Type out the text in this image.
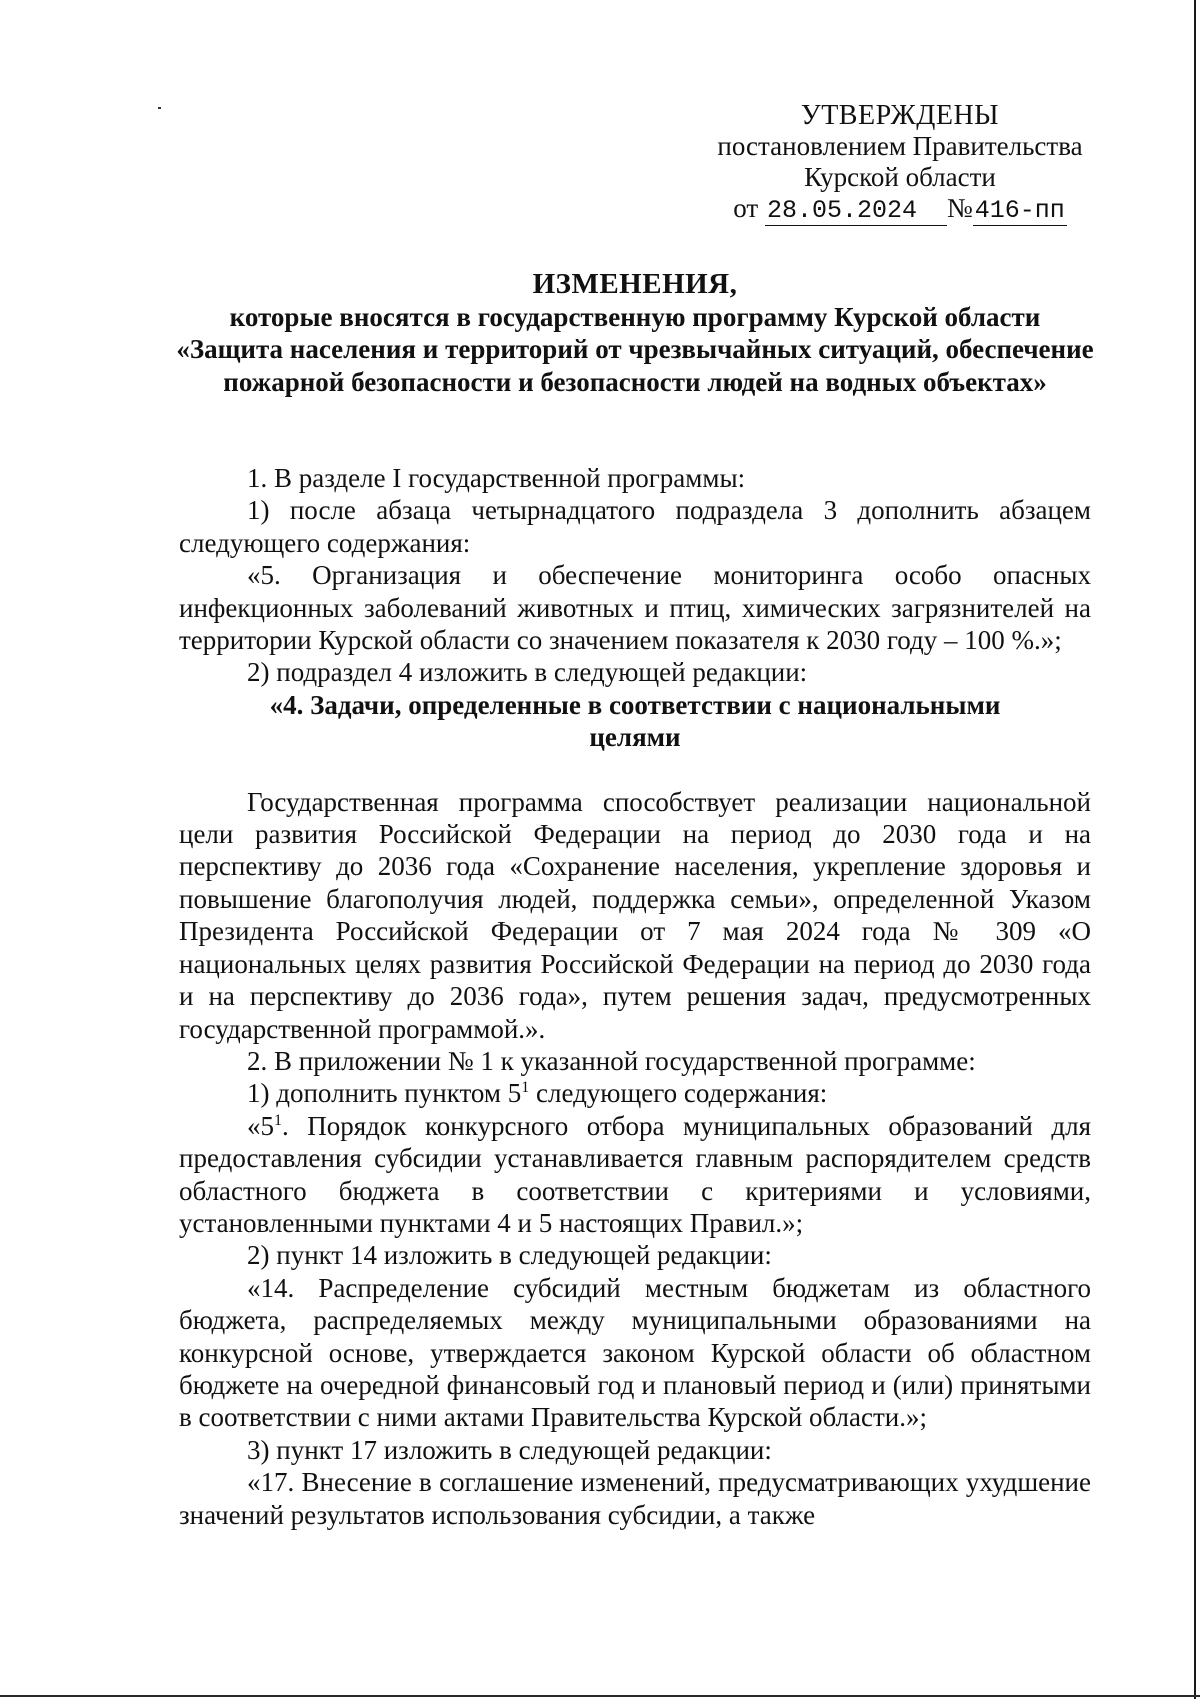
УТВЕРЖДЕНЫ
постановлением Правительства
Курской области
от 28.05.2024 №416-пп
ИЗМЕНЕНИЯ,
которые вносятся в государственную программу Курской области «Защита населения и территорий от чрезвычайных ситуаций, обеспечение пожарной безопасности и безопасности людей на водных объектах»

1. В разделе I государственной программы:

1) после абзаца четырнадцатого подраздела 3 дополнить абзацем следующего содержания:

«5. Организация и обеспечение мониторинга особо опасных инфекционных заболеваний животных и птиц, химических загрязнителей на территории Курской области со значением показателя к 2030 году – 100 %.»;

2) подраздел 4 изложить в следующей редакции:

«4. Задачи, определенные в соответствии с национальными целями

Государственная программа способствует реализации национальной цели развития Российской Федерации на период до 2030 года и на перспективу до 2036 года «Сохранение населения, укрепление здоровья и повышение благополучия людей, поддержка семьи», определенной Указом Президента Российской Федерации от 7 мая 2024 года № 309 «О национальных целях развития Российской Федерации на период до 2030 года и на перспективу до 2036 года», путем решения задач, предусмотренных государственной программой.».

2. В приложении № 1 к указанной государственной программе:

1) дополнить пунктом $5^1$ следующего содержания:

«$5^1$. Порядок конкурсного отбора муниципальных образований для предоставления субсидии устанавливается главным распорядителем средств областного бюджета в соответствии с критериями и условиями, установленными пунктами 4 и 5 настоящих Правил.»;

2) пункт 14 изложить в следующей редакции:

«14. Распределение субсидий местным бюджетам из областного бюджета, распределяемых между муниципальными образованиями на конкурсной основе, утверждается законом Курской области об областном бюджете на очередной финансовый год и плановый период и (или) принятыми в соответствии с ними актами Правительства Курской области.»;

3) пункт 17 изложить в следующей редакции:

«17. Внесение в соглашение изменений, предусматривающих ухудшение значений результатов использования субсидии, а также
